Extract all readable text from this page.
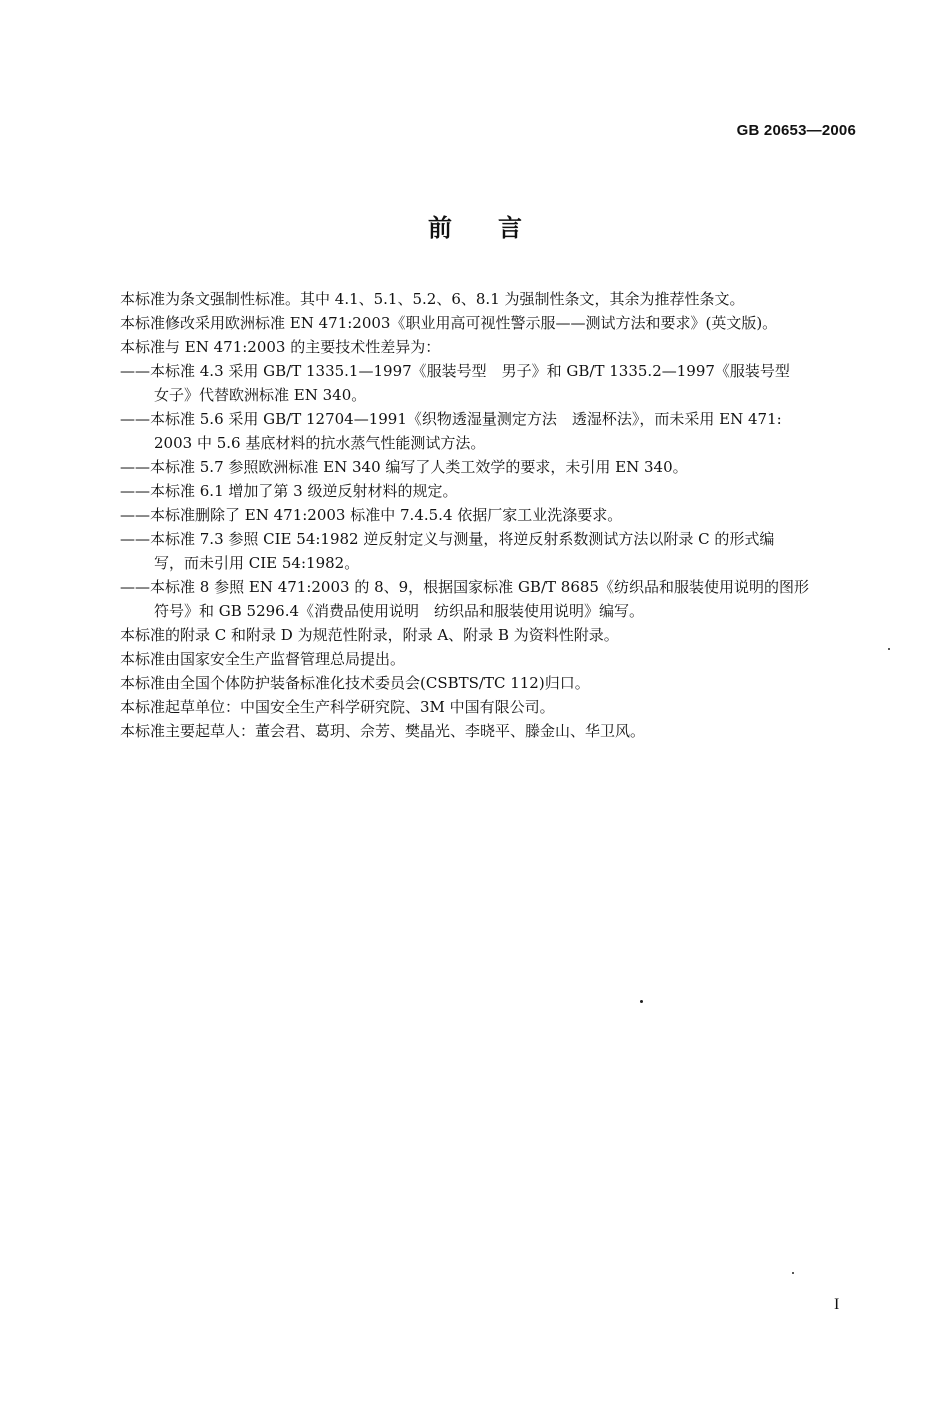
GB 20653—2006
前言

本标准为条文强制性标准。其中 4.1、5.1、5.2、6、8.1 为强制性条文，其余为推荐性条文。

本标准修改采用欧洲标准 EN 471:2003《职业用高可视性警示服——测试方法和要求》(英文版)。

本标准与 EN 471:2003 的主要技术性差异为：

——本标准 4.3 采用 GB/T 1335.1—1997《服装号型　男子》和 GB/T 1335.2—1997《服装号型
女子》代替欧洲标准 EN 340。
——本标准 5.6 采用 GB/T 12704—1991《织物透湿量测定方法　透湿杯法》，而未采用 EN 471:
2003 中 5.6 基底材料的抗水蒸气性能测试方法。
——本标准 5.7 参照欧洲标准 EN 340 编写了人类工效学的要求，未引用 EN 340。
——本标准 6.1 增加了第 3 级逆反射材料的规定。
——本标准删除了 EN 471:2003 标准中 7.4.5.4 依据厂家工业洗涤要求。
——本标准 7.3 参照 CIE 54:1982 逆反射定义与测量，将逆反射系数测试方法以附录 C 的形式编
写，而未引用 CIE 54:1982。
——本标准 8 参照 EN 471:2003 的 8、9，根据国家标准 GB/T 8685《纺织品和服装使用说明的图形
符号》和 GB 5296.4《消费品使用说明　纺织品和服装使用说明》编写。

本标准的附录 C 和附录 D 为规范性附录，附录 A、附录 B 为资料性附录。

本标准由国家安全生产监督管理总局提出。

本标准由全国个体防护装备标准化技术委员会(CSBTS/TC 112)归口。

本标准起草单位：中国安全生产科学研究院、3M 中国有限公司。

本标准主要起草人：董会君、葛玥、佘芳、樊晶光、李晓平、滕金山、华卫风。

I
